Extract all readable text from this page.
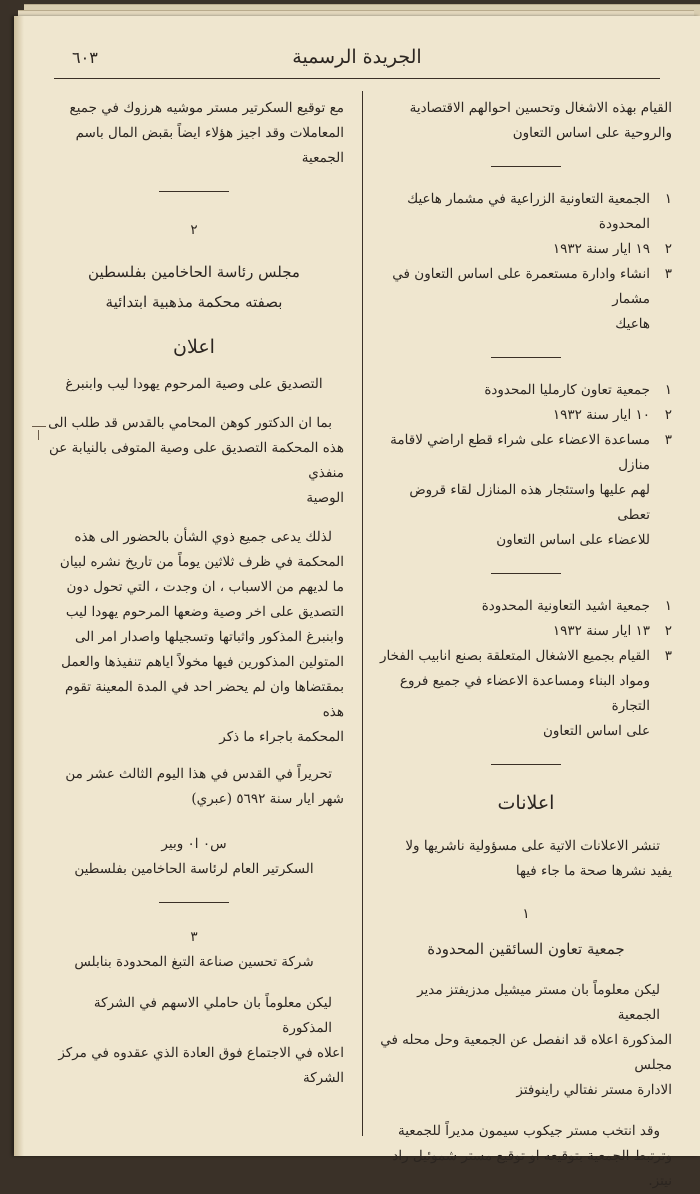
الجريدة الرسمية
٦٠٣

القيام بهذه الاشغال وتحسين احوالهم الاقتصادية

والروحية على اساس التعاون

١
الجمعية التعاونية الزراعية في مشمار هاعيك المحدودة
٢
١٩ ايار سنة ١٩٣٢
٣
انشاء وادارة مستعمرة على اساس التعاون في مشمار
هاعيك
١
جمعية تعاون كارمليا المحدودة
٢
١٠ ايار سنة ١٩٣٢
٣
مساعدة الاعضاء على شراء قطع اراضي لاقامة منازل
لهم عليها واستئجار هذه المنازل لقاء قروض تعطى
للاعضاء على اساس التعاون
١
جمعية اشيد التعاونية المحدودة
٢
١٣ ايار سنة ١٩٣٢
٣
القيام بجميع الاشغال المتعلقة بصنع انابيب الفخار
ومواد البناء ومساعدة الاعضاء في جميع فروع التجارة
على اساس التعاون
اعلانات

تنشر الاعلانات الاتية على مسؤولية ناشريها ولا

يفيد نشرها صحة ما جاء فيها

١
جمعية تعاون السائقين المحدودة

ليكن معلوماً بان مستر ميشيل مدزيفتز مدير الجمعية

المذكورة اعلاه قد انفصل عن الجمعية وحل محله في مجلس

الادارة مستر نفتالي راينوفتز

وقد انتخب مستر جيكوب سيمون مديراً للجمعية

وترتبط الجمعية بتوقيعه او توقيع مستر شموئيل راد نيتز.

مع توقيع السكرتير مستر موشيه هرزوك في جميع

المعاملات وقد اجيز هؤلاء ايضاً بقبض المال باسم الجمعية

٢
مجلس رئاسة الحاخامين بفلسطين
بصفته محكمة مذهبية ابتدائية
اعلان
التصديق على وصية المرحوم يهودا ليب وابنبرغ

بما ان الدكتور كوهن المحامي بالقدس قد طلب الى

هذه المحكمة التصديق على وصية المتوفى بالنيابة عن منفذي

الوصية

لذلك يدعى جميع ذوي الشأن بالحضور الى هذه

المحكمة في ظرف ثلاثين يوماً من تاريخ نشره لبيان

ما لديهم من الاسباب ، ان وجدت ، التي تحول دون

التصديق على اخر وصية وضعها المرحوم يهودا ليب

وابنبرغ المذكور واثباتها وتسجيلها واصدار امر الى

المتولين المذكورين فيها مخولاً اياهم تنفيذها والعمل

بمقتضاها وان لم يحضر احد في المدة المعينة تقوم هذه

المحكمة باجراء ما ذكر

تحريراً في القدس في هذا اليوم الثالث عشر من

شهر ايار سنة ٥٦٩٢ (عبري)

س٠ ا٠ وبير
السكرتير العام لرئاسة الحاخامين بفلسطين
٣
شركة تحسين صناعة التبغ المحدودة بنابلس

ليكن معلوماً بان حاملي الاسهم في الشركة المذكورة

اعلاه في الاجتماع فوق العادة الذي عقدوه في مركز الشركة
